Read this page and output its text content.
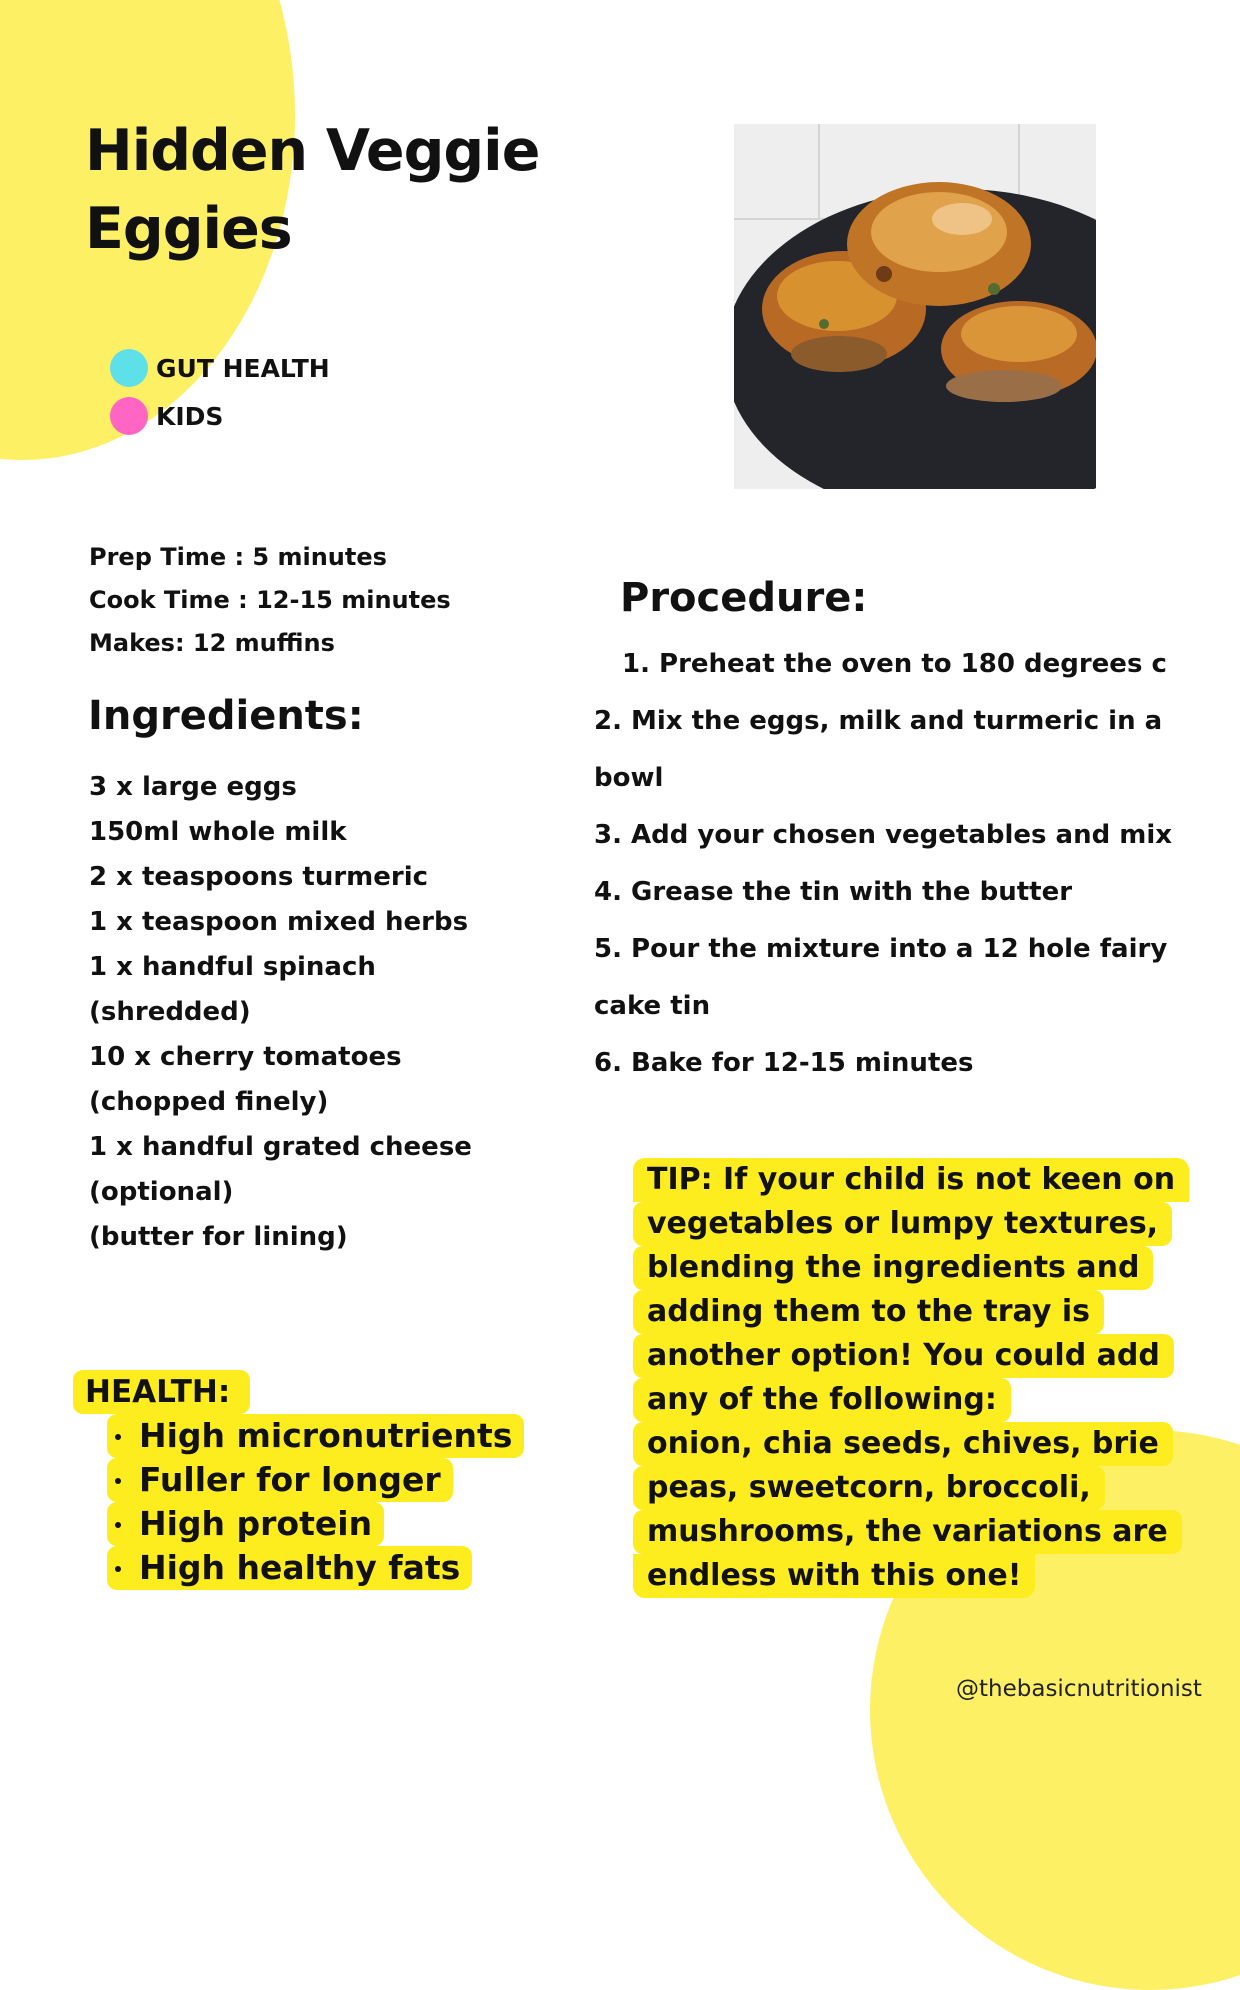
Hidden Veggie
Eggies
GUT HEALTH
KIDS
Prep Time : 5 minutes
Cook Time : 12-15 minutes
Makes: 12 muffins
Ingredients:
3 x large eggs
150ml whole milk
2 x teaspoons turmeric
1 x teaspoon mixed herbs
1 x handful spinach
(shredded)
10 x cherry tomatoes
(chopped finely)
1 x handful grated cheese
(optional)
(butter for lining)
Procedure:
1. Preheat the oven to 180 degrees c
2. Mix the eggs, milk and turmeric in a
bowl
3. Add your chosen vegetables and mix
4. Grease the tin with the butter
5. Pour the mixture into a 12 hole fairy
cake tin
6. Bake for 12-15 minutes
HEALTH:
High micronutrients
Fuller for longer
High protein
High healthy fats
TIP: If your child is not keen on
vegetables or lumpy textures,
blending the ingredients and
adding them to the tray is
another option! You could add
any of the following:
onion, chia seeds, chives, brie
peas, sweetcorn, broccoli,
mushrooms, the variations are
endless with this one!
@thebasicnutritionist
